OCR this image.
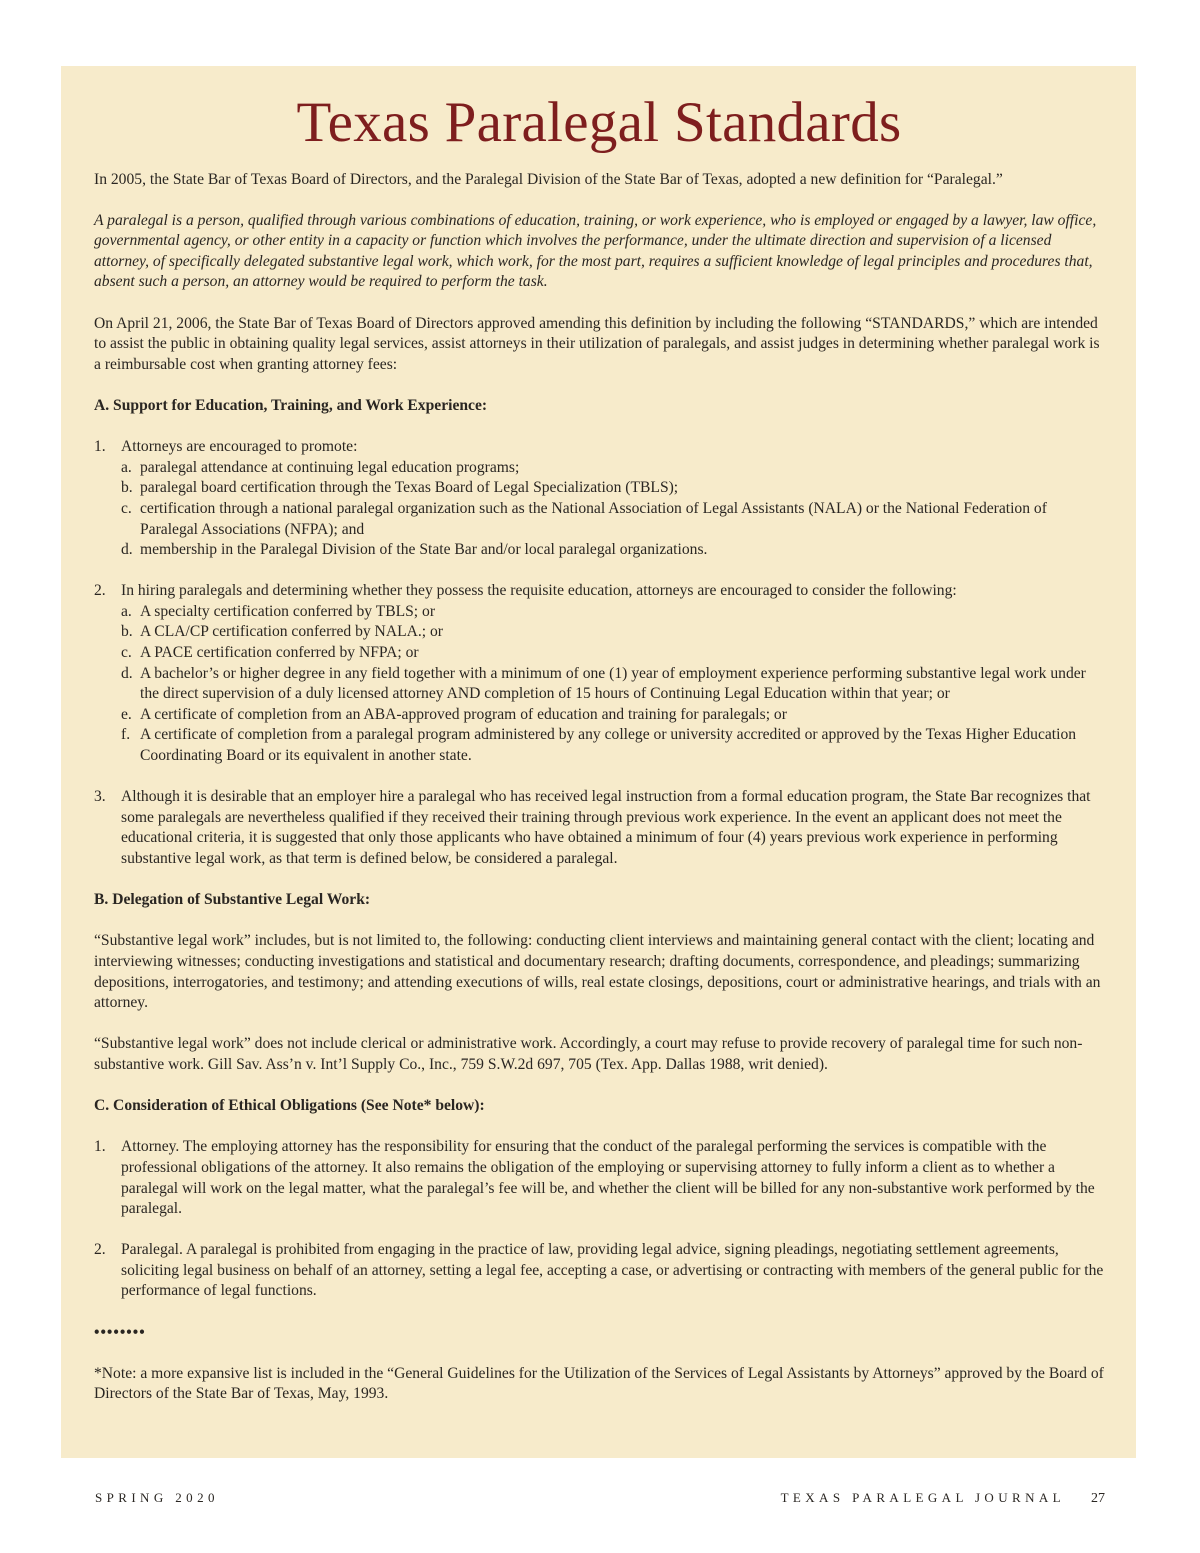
Texas Paralegal Standards

In 2005, the State Bar of Texas Board of Directors, and the Paralegal Division of the State Bar of Texas, adopted a new definition for “Paralegal.”

A paralegal is a person, qualified through various combinations of education, training, or work experience, who is employed or engaged by a lawyer, law office, governmental agency, or other entity in a capacity or function which involves the performance, under the ultimate direction and supervision of a licensed attorney, of specifically delegated substantive legal work, which work, for the most part, requires a sufficient knowledge of legal principles and procedures that, absent such a person, an attorney would be required to perform the task.

On April 21, 2006, the State Bar of Texas Board of Directors approved amending this definition by including the following “STANDARDS,” which are intended to assist the public in obtaining quality legal services, assist attorneys in their utilization of paralegals, and assist judges in determining whether paralegal work is a reimbursable cost when granting attorney fees:

A. Support for Education, Training, and Work Experience:

1. Attorneys are encouraged to promote:
a. paralegal attendance at continuing legal education programs;
b. paralegal board certification through the Texas Board of Legal Specialization (TBLS);
c. certification through a national paralegal organization such as the National Association of Legal Assistants (NALA) or the National Federation of Paralegal Associations (NFPA); and
d. membership in the Paralegal Division of the State Bar and/or local paralegal organizations.
2. In hiring paralegals and determining whether they possess the requisite education, attorneys are encouraged to consider the following:
a. A specialty certification conferred by TBLS; or
b. A CLA/CP certification conferred by NALA.; or
c. A PACE certification conferred by NFPA; or
d. A bachelor’s or higher degree in any field together with a minimum of one (1) year of employment experience performing substantive legal work under the direct supervision of a duly licensed attorney AND completion of 15 hours of Continuing Legal Education within that year; or
e. A certificate of completion from an ABA-approved program of education and training for paralegals; or
f. A certificate of completion from a paralegal program administered by any college or university accredited or approved by the Texas Higher Education Coordinating Board or its equivalent in another state.
3. Although it is desirable that an employer hire a paralegal who has received legal instruction from a formal education program, the State Bar recognizes that some paralegals are nevertheless qualified if they received their training through previous work experience. In the event an applicant does not meet the educational criteria, it is suggested that only those applicants who have obtained a minimum of four (4) years previous work experience in performing substantive legal work, as that term is defined below, be considered a paralegal.

B. Delegation of Substantive Legal Work:

“Substantive legal work” includes, but is not limited to, the following: conducting client interviews and maintaining general contact with the client; locating and interviewing witnesses; conducting investigations and statistical and documentary research; drafting documents, correspondence, and pleadings; summarizing depositions, interrogatories, and testimony; and attending executions of wills, real estate closings, depositions, court or administrative hearings, and trials with an attorney.

“Substantive legal work” does not include clerical or administrative work. Accordingly, a court may refuse to provide recovery of paralegal time for such non-substantive work. Gill Sav. Ass’n v. Int’l Supply Co., Inc., 759 S.W.2d 697, 705 (Tex. App. Dallas 1988, writ denied).

C. Consideration of Ethical Obligations (See Note* below):

1. Attorney. The employing attorney has the responsibility for ensuring that the conduct of the paralegal performing the services is compatible with the professional obligations of the attorney. It also remains the obligation of the employing or supervising attorney to fully inform a client as to whether a paralegal will work on the legal matter, what the paralegal’s fee will be, and whether the client will be billed for any non-substantive work performed by the paralegal.
2. Paralegal. A paralegal is prohibited from engaging in the practice of law, providing legal advice, signing pleadings, negotiating settlement agreements, soliciting legal business on behalf of an attorney, setting a legal fee, accepting a case, or advertising or contracting with members of the general public for the performance of legal functions.
••••••••

*Note: a more expansive list is included in the “General Guidelines for the Utilization of the Services of Legal Assistants by Attorneys” approved by the Board of Directors of the State Bar of Texas, May, 1993.

SPRING 2020	TEXAS PARALEGAL JOURNAL 27
